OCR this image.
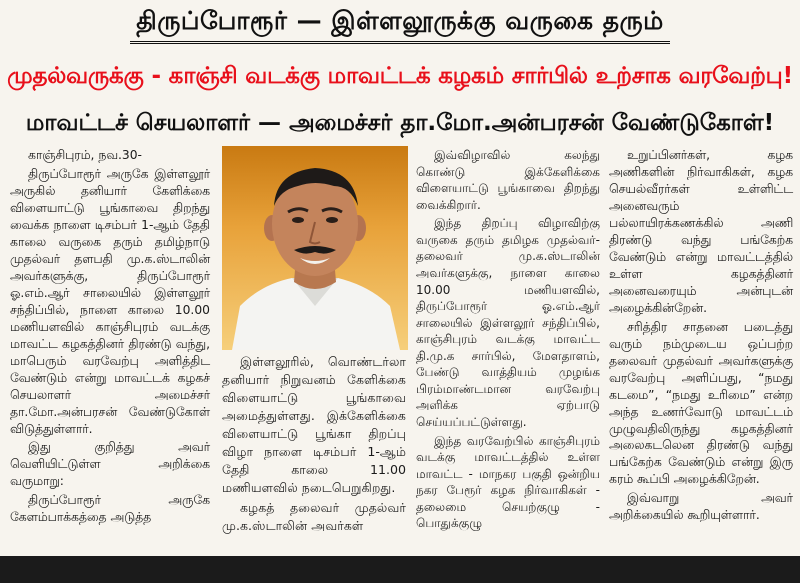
திருப்போரூர் — இள்ளலூருக்கு வருகை தரும்
முதல்வருக்கு - காஞ்சி வடக்கு மாவட்டக் கழகம் சார்பில் உற்சாக வரவேற்பு!
மாவட்டச் செயலாளர் — அமைச்சர் தா.மோ.அன்பரசன் வேண்டுகோள்!

காஞ்சிபுரம், நவ.30-

திருப்போரூர் அருகே இள்ளலூர் அருகில் தனியார் கேளிக்கை விளையாட்டு பூங்காவை திறந்து வைக்க நாளை டிசம்பர் 1-ஆம் தேதி காலை வருகை தரும் தமிழ்நாடு முதல்வர் தளபதி மு.க.ஸ்டாலின் அவர்களுக்கு, திருப்போரூர் ஓ.எம்.ஆர் சாலையில் இள்ளலூர் சந்திப்பில், நாளை காலை 10.00 மணியளவில் காஞ்சிபுரம் வடக்கு மாவட்ட கழகத்தினர் திரண்டு வந்து, மாபெரும் வரவேற்பு அளித்திட வேண்டும் என்று மாவட்டக் கழகச் செயலாளர் அமைச்சர் தா.மோ.அன்பரசன் வேண்டுகோள் விடுத்துள்ளார்.

இது குறித்து அவர் வெளியிட்டுள்ள அறிக்கை வருமாறு:

திருப்போரூர் அருகே கேளம்பாக்கத்தை அடுத்த

இள்ளலூரில், வொண்டர்லா தனியார் நிறுவனம் கேளிக்கை விளையாட்டு பூங்காவை அமைத்துள்ளது. இக்கேளிக்கை விளையாட்டு பூங்கா திறப்பு விழா நாளை டிசம்பர் 1-ஆம் தேதி காலை 11.00 மணியளவில் நடைபெறுகிறது.

கழகத் தலைவர் முதல்வர் மு.க.ஸ்டாலின் அவர்கள்

இவ்விழாவில் கலந்து கொண்டு இக்கேளிக்கை விளையாட்டு பூங்காவை திறந்து வைக்கிறார்.

இந்த திறப்பு விழாவிற்கு வருகை தரும் தமிழக முதல்வர்- தலைவர் மு.க.ஸ்டாலின் அவர்களுக்கு, நாளை காலை 10.00 மணியளவில், திருப்போரூர் ஓ.எம்.ஆர் சாலையில் இள்ளலூர் சந்திப்பில், காஞ்சிபுரம் வடக்கு மாவட்ட தி.மு.க சார்பில், மேளதாளம், பேண்டு வாத்தியம் முழங்க பிரம்மாண்டமான வரவேற்பு அளிக்க ஏற்பாடு செய்யப்பட்டுள்ளது.

இந்த வரவேற்பில் காஞ்சிபுரம் வடக்கு மாவட்டத்தில் உள்ள மாவட்ட - மாநகர பகுதி ஒன்றிய நகர பேரூர் கழக நிர்வாகிகள் - தலைமை செயற்குழு - பொதுக்குழு

உறுப்பினர்கள், கழக அணிகளின் நிர்வாகிகள், கழக செயல்வீரர்கள் உள்ளிட்ட அனைவரும் பல்லாயிரக்கணக்கில் அணி திரண்டு வந்து பங்கேற்க வேண்டும் என்று மாவட்டத்தில் உள்ள கழகத்தினர் அனைவரையும் அன்புடன் அழைக்கின்றேன்.

சரித்திர சாதனை படைத்து வரும் நம்முடைய ஒப்பற்ற தலைவர் முதல்வர் அவர்களுக்கு வரவேற்பு அளிப்பது, “நமது கடமை”, “நமது உரிமை” என்ற அந்த உணர்வோடு மாவட்டம் முழுவதிலிருந்து கழகத்தினர் அலைகடலென திரண்டு வந்து பங்கேற்க வேண்டும் என்று இரு கரம் கூப்பி அழைக்கிறேன்.

இவ்வாறு அவர் அறிக்கையில் கூறியுள்ளார்.
